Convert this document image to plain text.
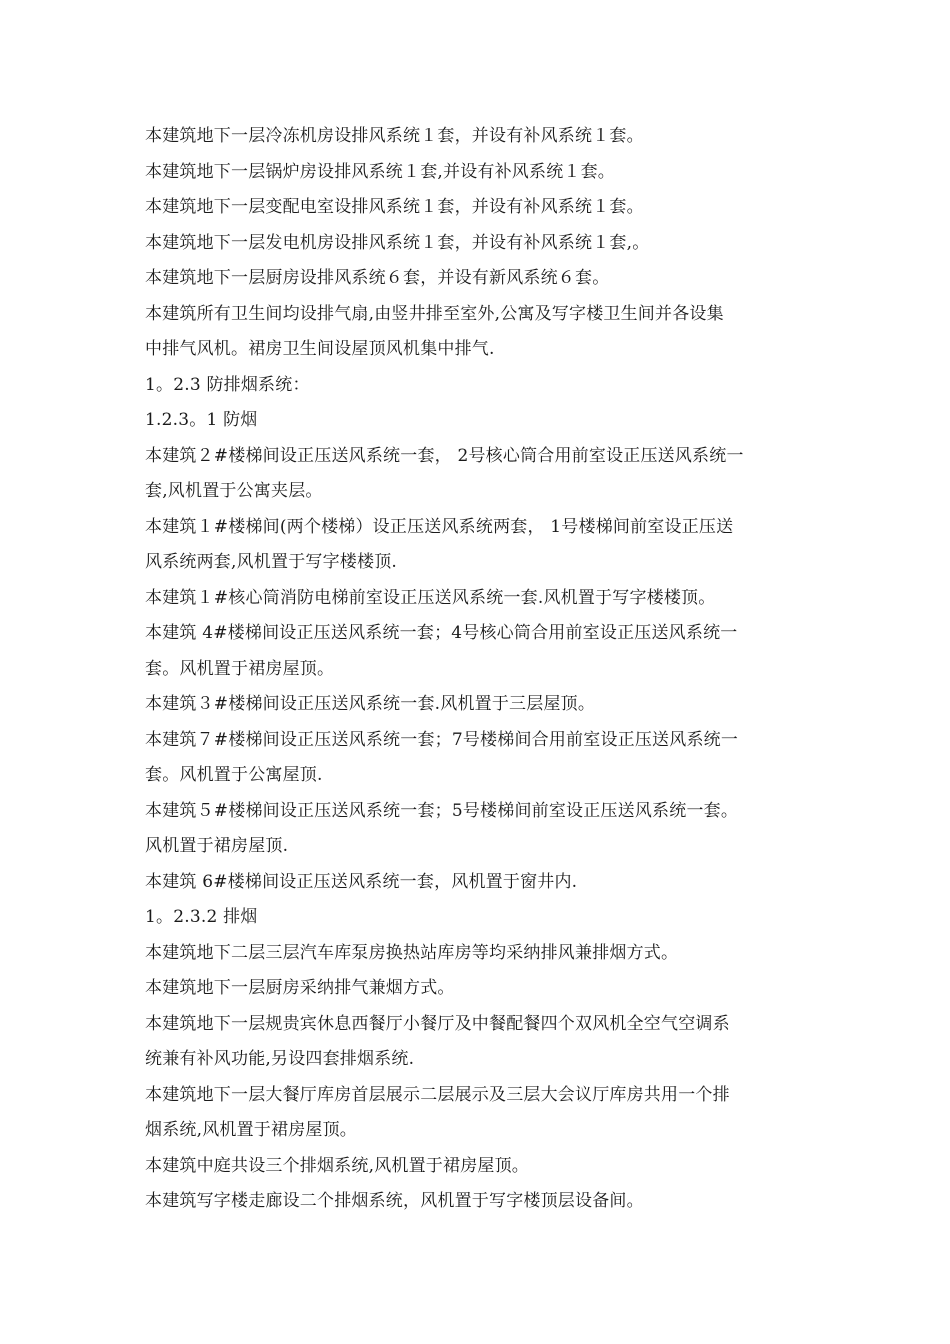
本建筑地下一层冷冻机房设排风系统１套，并设有补风系统１套。
本建筑地下一层锅炉房设排风系统１套,并设有补风系统１套。
本建筑地下一层变配电室设排风系统１套，并设有补风系统１套。
本建筑地下一层发电机房设排风系统１套，并设有补风系统１套,。
本建筑地下一层厨房设排风系统６套，并设有新风系统６套。
本建筑所有卫生间均设排气扇,由竖井排至室外,公寓及写字楼卫生间并各设集
中排气风机。裙房卫生间设屋顶风机集中排气.
1。2.3 防排烟系统：
1.2.3。1 防烟
本建筑２#楼梯间设正压送风系统一套， 2号核心筒合用前室设正压送风系统一
套,风机置于公寓夹层。
本建筑１#楼梯间(两个楼梯）设正压送风系统两套， 1号楼梯间前室设正压送
风系统两套,风机置于写字楼楼顶.
本建筑１#核心筒消防电梯前室设正压送风系统一套.风机置于写字楼楼顶。
本建筑 4#楼梯间设正压送风系统一套；4号核心筒合用前室设正压送风系统一
套。风机置于裙房屋顶。
本建筑３#楼梯间设正压送风系统一套.风机置于三层屋顶。
本建筑７#楼梯间设正压送风系统一套；7号楼梯间合用前室设正压送风系统一
套。风机置于公寓屋顶.
本建筑５#楼梯间设正压送风系统一套；5号楼梯间前室设正压送风系统一套。
风机置于裙房屋顶.
本建筑 6#楼梯间设正压送风系统一套，风机置于窗井内.
1。2.3.2 排烟
本建筑地下二层三层汽车库泵房换热站库房等均采纳排风兼排烟方式。
本建筑地下一层厨房采纳排气兼烟方式。
本建筑地下一层规贵宾休息西餐厅小餐厅及中餐配餐四个双风机全空气空调系
统兼有补风功能,另设四套排烟系统.
本建筑地下一层大餐厅库房首层展示二层展示及三层大会议厅库房共用一个排
烟系统,风机置于裙房屋顶。
本建筑中庭共设三个排烟系统,风机置于裙房屋顶。
本建筑写字楼走廊设二个排烟系统，风机置于写字楼顶层设备间。
